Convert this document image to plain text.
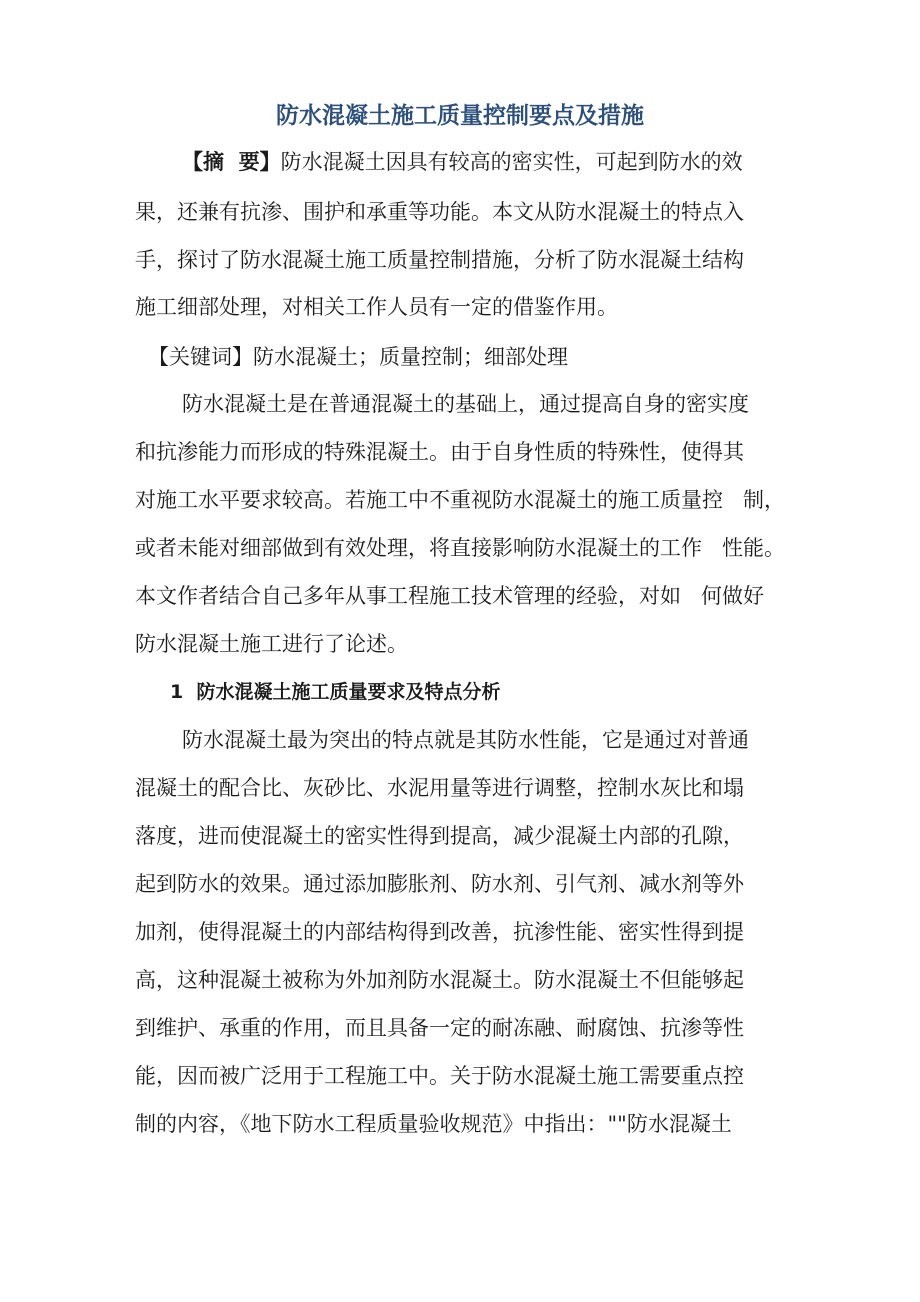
防水混凝土施工质量控制要点及措施
【摘  要】防水混凝土因具有较高的密实性，可起到防水的效
果，还兼有抗渗、围护和承重等功能。本文从防水混凝土的特点入
手，探讨了防水混凝土施工质量控制措施，分析了防水混凝土结构
施工细部处理，对相关工作人员有一定的借鉴作用。
【关键词】防水混凝土；质量控制；细部处理
防水混凝土是在普通混凝土的基础上，通过提高自身的密实度
和抗渗能力而形成的特殊混凝土。由于自身性质的特殊性，使得其
对施工水平要求较高。若施工中不重视防水混凝土的施工质量控   制，
或者未能对细部做到有效处理，将直接影响防水混凝土的工作   性能。
本文作者结合自己多年从事工程施工技术管理的经验，对如   何做好
防水混凝土施工进行了论述。
1  防水混凝土施工质量要求及特点分析
防水混凝土最为突出的特点就是其防水性能，它是通过对普通
混凝土的配合比、灰砂比、水泥用量等进行调整，控制水灰比和塌
落度，进而使混凝土的密实性得到提高，减少混凝土内部的孔隙，
起到防水的效果。通过添加膨胀剂、防水剂、引气剂、减水剂等外
加剂，使得混凝土的内部结构得到改善，抗渗性能、密实性得到提
高，这种混凝土被称为外加剂防水混凝土。防水混凝土不但能够起
到维护、承重的作用，而且具备一定的耐冻融、耐腐蚀、抗渗等性
能，因而被广泛用于工程施工中。关于防水混凝土施工需要重点控
制的内容，《地下防水工程质量验收规范》中指出：""防水混凝土
